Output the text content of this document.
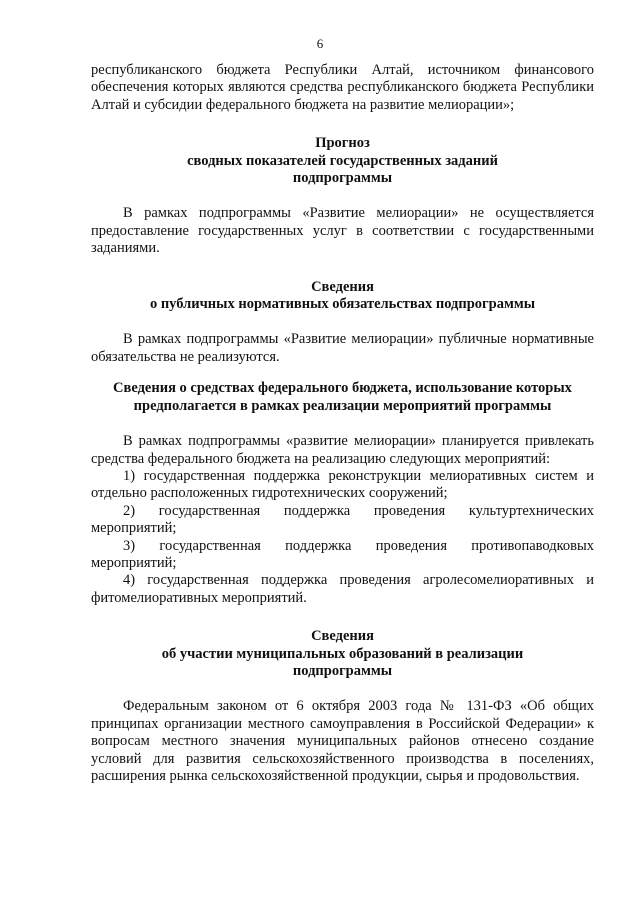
6

республиканского бюджета Республики Алтай, источником финансового обеспечения которых являются средства республиканского бюджета Республики Алтай и субсидии федерального бюджета на развитие мелиорации»;

Прогноз
сводных показателей государственных заданий
подпрограммы

В рамках подпрограммы «Развитие мелиорации» не осуществляется предоставление государственных услуг в соответствии с государственными заданиями.

Сведения
о публичных нормативных обязательствах подпрограммы

В рамках подпрограммы «Развитие мелиорации» публичные нормативные обязательства не реализуются.

Сведения о средствах федерального бюджета, использование которых
предполагается в рамках реализации мероприятий программы

В рамках подпрограммы «развитие мелиорации» планируется привлекать средства федерального бюджета на реализацию следующих мероприятий:

1) государственная поддержка реконструкции мелиоративных систем и отдельно расположенных гидротехнических сооружений;

2) государственная поддержка проведения культуртехнических мероприятий;

3) государственная поддержка проведения противопаводковых мероприятий;

4) государственная поддержка проведения агролесомелиоративных и фитомелиоративных мероприятий.

Сведения
об участии муниципальных образований в реализации
подпрограммы

Федеральным законом от 6 октября 2003 года № 131-ФЗ «Об общих принципах организации местного самоуправления в Российской Федерации» к вопросам местного значения муниципальных районов отнесено создание условий для развития сельскохозяйственного производства в поселениях, расширения рынка сельскохозяйственной продукции, сырья и продовольствия.
